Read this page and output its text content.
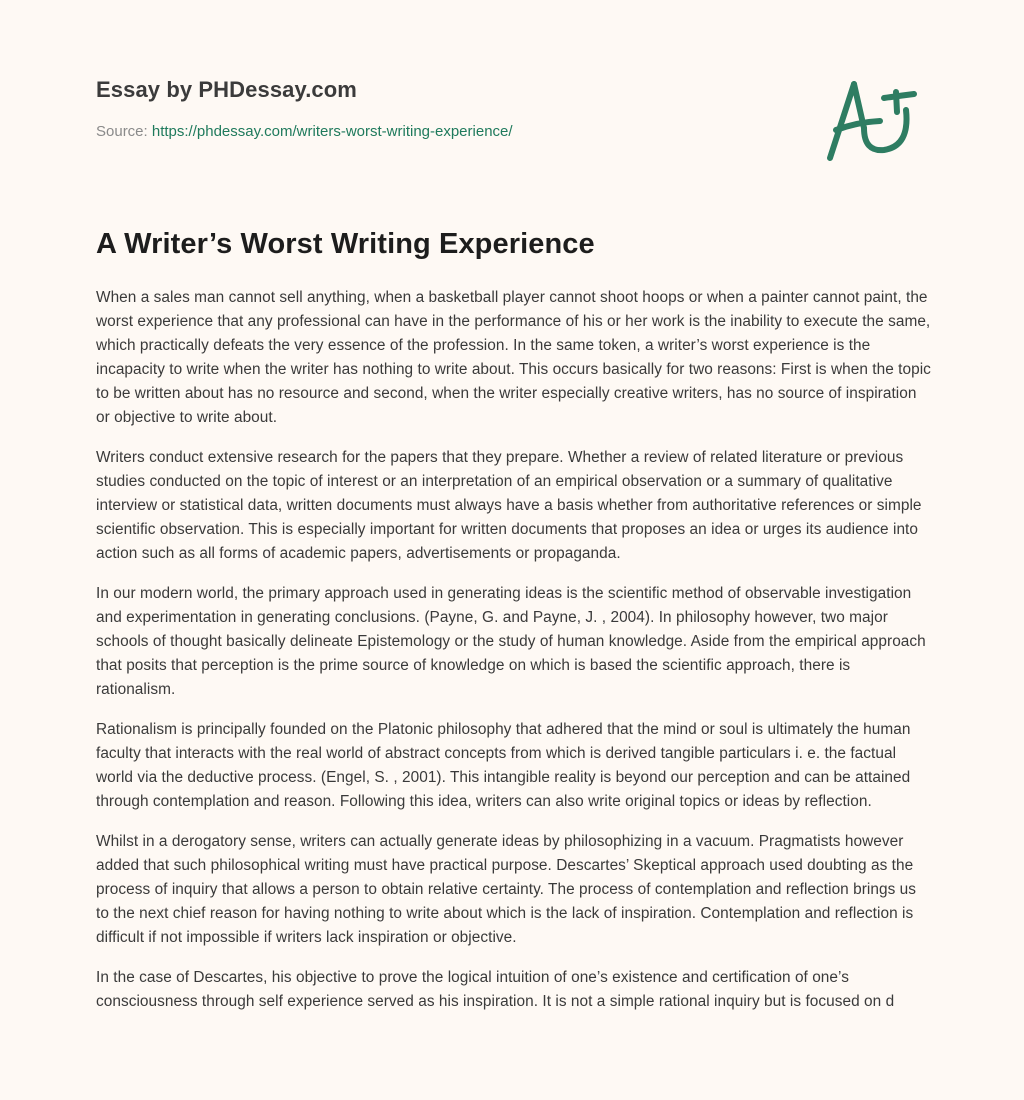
Essay by PHDessay.com
Source: https://phdessay.com/writers-worst-writing-experience/
A Writer’s Worst Writing Experience

When a sales man cannot sell anything, when a basketball player cannot shoot hoops or when a painter cannot paint, the worst experience that any professional can have in the performance of his or her work is the inability to execute the same, which practically defeats the very essence of the profession. In the same token, a writer’s worst experience is the incapacity to write when the writer has nothing to write about. This occurs basically for two reasons: First is when the topic to be written about has no resource and second, when the writer especially creative writers, has no source of inspiration or objective to write about.

Writers conduct extensive research for the papers that they prepare. Whether a review of related literature or previous studies conducted on the topic of interest or an interpretation of an empirical observation or a summary of qualitative interview or statistical data, written documents must always have a basis whether from authoritative references or simple scientific observation. This is especially important for written documents that proposes an idea or urges its audience into action such as all forms of academic papers, advertisements or propaganda.

In our modern world, the primary approach used in generating ideas is the scientific method of observable investigation and experimentation in generating conclusions. (Payne, G. and Payne, J. , 2004). In philosophy however, two major schools of thought basically delineate Epistemology or the study of human knowledge. Aside from the empirical approach that posits that perception is the prime source of knowledge on which is based the scientific approach, there is rationalism.

Rationalism is principally founded on the Platonic philosophy that adhered that the mind or soul is ultimately the human faculty that interacts with the real world of abstract concepts from which is derived tangible particulars i. e. the factual world via the deductive process. (Engel, S. , 2001). This intangible reality is beyond our perception and can be attained through contemplation and reason. Following this idea, writers can also write original topics or ideas by reflection.

Whilst in a derogatory sense, writers can actually generate ideas by philosophizing in a vacuum. Pragmatists however added that such philosophical writing must have practical purpose. Descartes’ Skeptical approach used doubting as the process of inquiry that allows a person to obtain relative certainty. The process of contemplation and reflection brings us to the next chief reason for having nothing to write about which is the lack of inspiration. Contemplation and reflection is difficult if not impossible if writers lack inspiration or objective.

In the case of Descartes, his objective to prove the logical intuition of one’s existence and certification of one’s consciousness through self experience served as his inspiration. It is not a simple rational inquiry but is focused on d
